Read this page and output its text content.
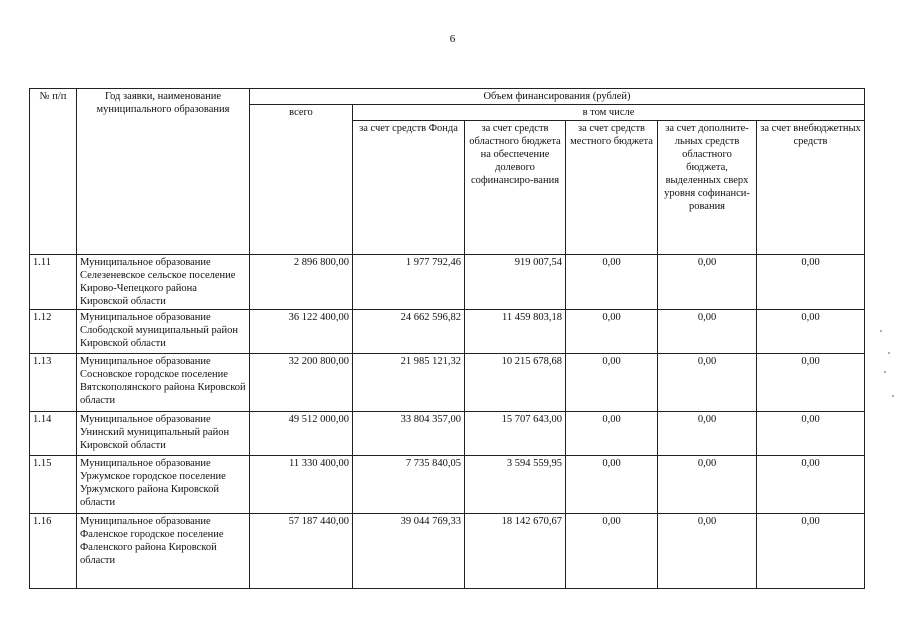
6
№ п/п	Год заявки, наименование муниципального образования	Объем финансирования (рублей)					
		всего	в том числе				
			за счет средств Фонда	за счет средств областного бюджета на обеспечение долевого софинансиро-вания	за счет средств местного бюджета	за счет дополните-льных средств областного бюджета, выделенных сверх уровня софинанси-рования	за счет внебюджетных средств
1.11	Муниципальное образование Селезеневское сельское поселение Кирово-Чепецкого района Кировской области	2 896 800,00	1 977 792,46	919 007,54	0,00	0,00	0,00
1.12	Муниципальное образование Слободской муниципальный район Кировской области	36 122 400,00	24 662 596,82	11 459 803,18	0,00	0,00	0,00
1.13	Муниципальное образование Сосновское городское поселение Вятскополянского района Кировской области	32 200 800,00	21 985 121,32	10 215 678,68	0,00	0,00	0,00
1.14	Муниципальное образование Унинский муниципальный район Кировской области	49 512 000,00	33 804 357,00	15 707 643,00	0,00	0,00	0,00
1.15	Муниципальное образование Уржумское городское поселение Уржумского района Кировской области	11 330 400,00	7 735 840,05	3 594 559,95	0,00	0,00	0,00
1.16	Муниципальное образование Фаленское городское поселение Фаленского района Кировской области	57 187 440,00	39 044 769,33	18 142 670,67	0,00	0,00	0,00
